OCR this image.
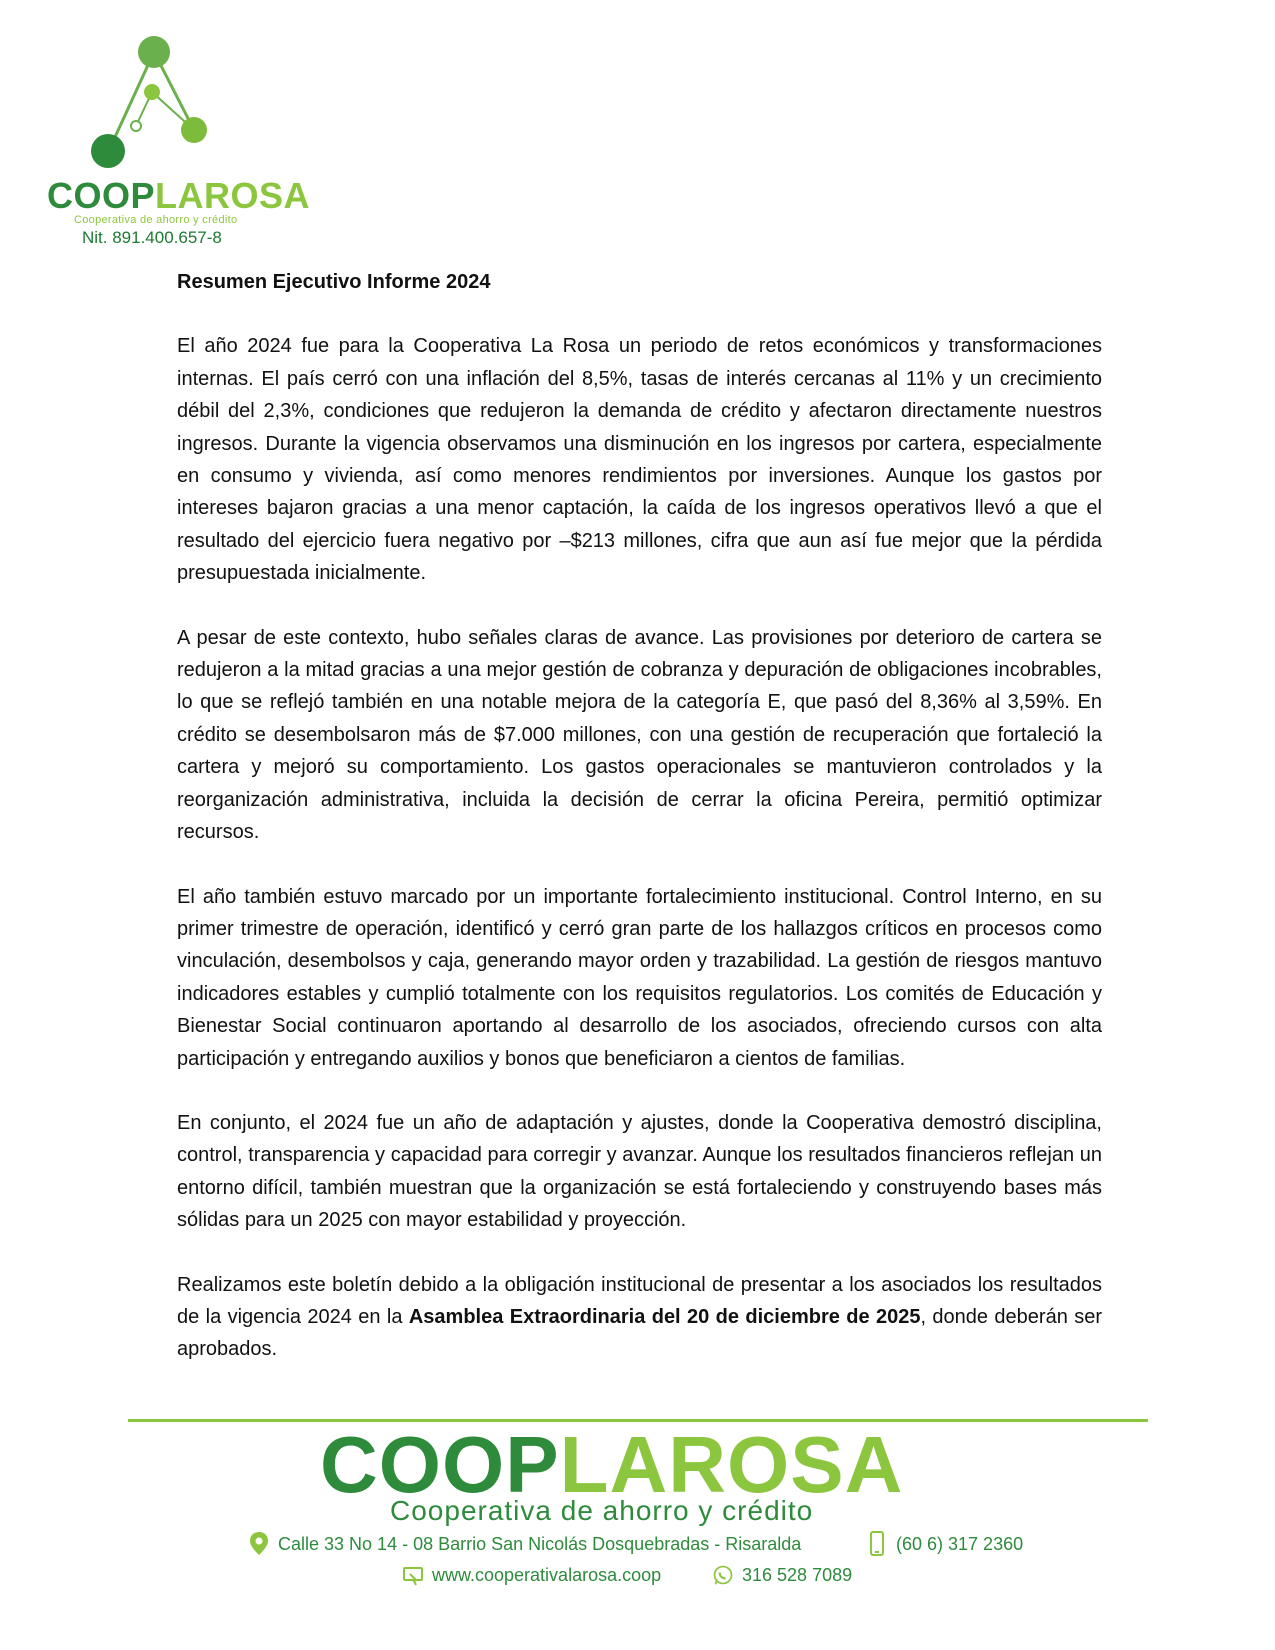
COOPLAROSA
Cooperativa de ahorro y crédito
Nit. 891.400.657-8

Resumen Ejecutivo Informe 2024

El año 2024 fue para la Cooperativa La Rosa un periodo de retos económicos y transformaciones internas. El país cerró con una inflación del 8,5%, tasas de interés cercanas al 11% y un crecimiento débil del 2,3%, condiciones que redujeron la demanda de crédito y afectaron directamente nuestros ingresos. Durante la vigencia observamos una disminución en los ingresos por cartera, especialmente en consumo y vivienda, así como menores rendimientos por inversiones. Aunque los gastos por intereses bajaron gracias a una menor captación, la caída de los ingresos operativos llevó a que el resultado del ejercicio fuera negativo por –$213 millones, cifra que aun así fue mejor que la pérdida presupuestada inicialmente.

A pesar de este contexto, hubo señales claras de avance. Las provisiones por deterioro de cartera se redujeron a la mitad gracias a una mejor gestión de cobranza y depuración de obligaciones incobrables, lo que se reflejó también en una notable mejora de la categoría E, que pasó del 8,36% al 3,59%. En crédito se desembolsaron más de $7.000 millones, con una gestión de recuperación que fortaleció la cartera y mejoró su comportamiento. Los gastos operacionales se mantuvieron controlados y la reorganización administrativa, incluida la decisión de cerrar la oficina Pereira, permitió optimizar recursos.

El año también estuvo marcado por un importante fortalecimiento institucional. Control Interno, en su primer trimestre de operación, identificó y cerró gran parte de los hallazgos críticos en procesos como vinculación, desembolsos y caja, generando mayor orden y trazabilidad. La gestión de riesgos mantuvo indicadores estables y cumplió totalmente con los requisitos regulatorios. Los comités de Educación y Bienestar Social continuaron aportando al desarrollo de los asociados, ofreciendo cursos con alta participación y entregando auxilios y bonos que beneficiaron a cientos de familias.

En conjunto, el 2024 fue un año de adaptación y ajustes, donde la Cooperativa demostró disciplina, control, transparencia y capacidad para corregir y avanzar. Aunque los resultados financieros reflejan un entorno difícil, también muestran que la organización se está fortaleciendo y construyendo bases más sólidas para un 2025 con mayor estabilidad y proyección.

Realizamos este boletín debido a la obligación institucional de presentar a los asociados los resultados de la vigencia 2024 en la Asamblea Extraordinaria del 20 de diciembre de 2025, donde deberán ser aprobados.

COOPLAROSA
Cooperativa de ahorro y crédito
Calle 33 No 14 - 08 Barrio San Nicolás Dosquebradas - Risaralda	(60 6) 317 2360
www.cooperativalarosa.coop	316 528 7089
